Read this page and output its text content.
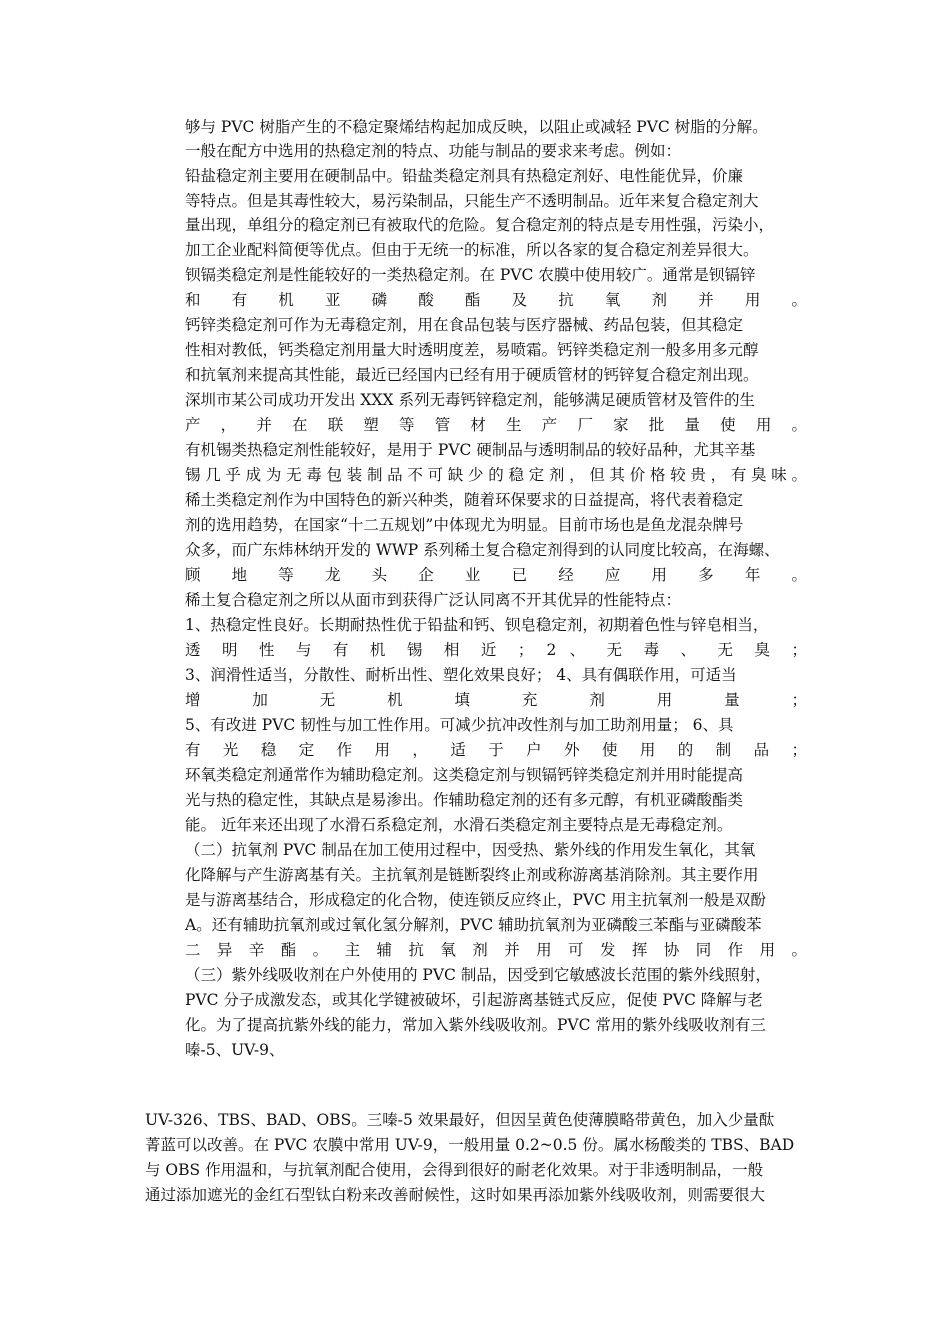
够与 PVC 树脂产生的不稳定聚烯结构起加成反映，以阻止或减轻 PVC 树脂的分解。
一般在配方中选用的热稳定剂的特点、功能与制品的要求来考虑。例如：
铅盐稳定剂主要用在硬制品中。铅盐类稳定剂具有热稳定剂好、电性能优异，价廉
等特点。但是其毒性较大，易污染制品，只能生产不透明制品。近年来复合稳定剂大
量出现，单组分的稳定剂已有被取代的危险。复合稳定剂的特点是专用性强，污染小，
加工企业配料简便等优点。但由于无统一的标准，所以各家的复合稳定剂差异很大。
钡镉类稳定剂是性能较好的一类热稳定剂。在 PVC 农膜中使用较广。通常是钡镉锌
和 有 机 亚 磷 酸 酯 及 抗 氧 剂 并 用 。
钙锌类稳定剂可作为无毒稳定剂，用在食品包装与医疗器械、药品包装，但其稳定
性相对教低，钙类稳定剂用量大时透明度差，易喷霜。钙锌类稳定剂一般多用多元醇
和抗氧剂来提高其性能，最近已经国内已经有用于硬质管材的钙锌复合稳定剂出现。
深圳市某公司成功开发出 XXX 系列无毒钙锌稳定剂，能够满足硬质管材及管件的生
产 ， 并 在 联 塑 等 管 材 生 产 厂 家 批 量 使 用 。
有机锡类热稳定剂性能较好，是用于 PVC 硬制品与透明制品的较好品种，尤其辛基
锡几乎成为无毒包装制品不可缺少的稳定剂，但其价格较贵，有臭味。
稀土类稳定剂作为中国特色的新兴种类，随着环保要求的日益提高，将代表着稳定
剂的选用趋势，在国家“十二五规划”中体现尤为明显。目前市场也是鱼龙混杂牌号
众多，而广东炜林纳开发的 WWP 系列稀土复合稳定剂得到的认同度比较高，在海螺、
顾 地 等 龙 头 企 业 已 经 应 用 多 年 。
稀土复合稳定剂之所以从面市到获得广泛认同离不开其优异的性能特点：
1、热稳定性良好。长期耐热性优于铅盐和钙、钡皂稳定剂，初期着色性与锌皂相当，
透 明 性 与 有 机 锡 相 近 ； 2 、 无 毒 、 无 臭 ；
3、润滑性适当，分散性、耐析出性、塑化效果良好； 4、具有偶联作用，可适当
增 加 无 机 填 充 剂 用 量 ；
5、有改进 PVC 韧性与加工性作用。可减少抗冲改性剂与加工助剂用量； 6、具
有 光 稳 定 作 用 ， 适 于 户 外 使 用 的 制 品 ；
环氧类稳定剂通常作为辅助稳定剂。这类稳定剂与钡镉钙锌类稳定剂并用时能提高
光与热的稳定性，其缺点是易渗出。作辅助稳定剂的还有多元醇，有机亚磷酸酯类
能。 近年来还出现了水滑石系稳定剂，水滑石类稳定剂主要特点是无毒稳定剂。
（二）抗氧剂 PVC 制品在加工使用过程中，因受热、紫外线的作用发生氧化，其氧
化降解与产生游离基有关。主抗氧剂是链断裂终止剂或称游离基消除剂。其主要作用
是与游离基结合，形成稳定的化合物，使连锁反应终止，PVC 用主抗氧剂一般是双酚
A。还有辅助抗氧剂或过氧化氢分解剂，PVC 辅助抗氧剂为亚磷酸三苯酯与亚磷酸苯
二 异 辛 酯 。 主 辅 抗 氧 剂 并 用 可 发 挥 协 同 作 用 。
（三）紫外线吸收剂在户外使用的 PVC 制品，因受到它敏感波长范围的紫外线照射，
PVC 分子成激发态，或其化学键被破坏，引起游离基链式反应，促使 PVC 降解与老
化。为了提高抗紫外线的能力，常加入紫外线吸收剂。PVC 常用的紫外线吸收剂有三
嗪-5、UV-9、
UV-326、TBS、BAD、OBS。三嗪-5 效果最好，但因呈黄色使薄膜略带黄色，加入少量酞
菁蓝可以改善。在 PVC 农膜中常用 UV-9，一般用量 0.2~0.5 份。属水杨酸类的 TBS、BAD
与 OBS 作用温和，与抗氧剂配合使用，会得到很好的耐老化效果。对于非透明制品，一般
通过添加遮光的金红石型钛白粉来改善耐候性，这时如果再添加紫外线吸收剂，则需要很大
